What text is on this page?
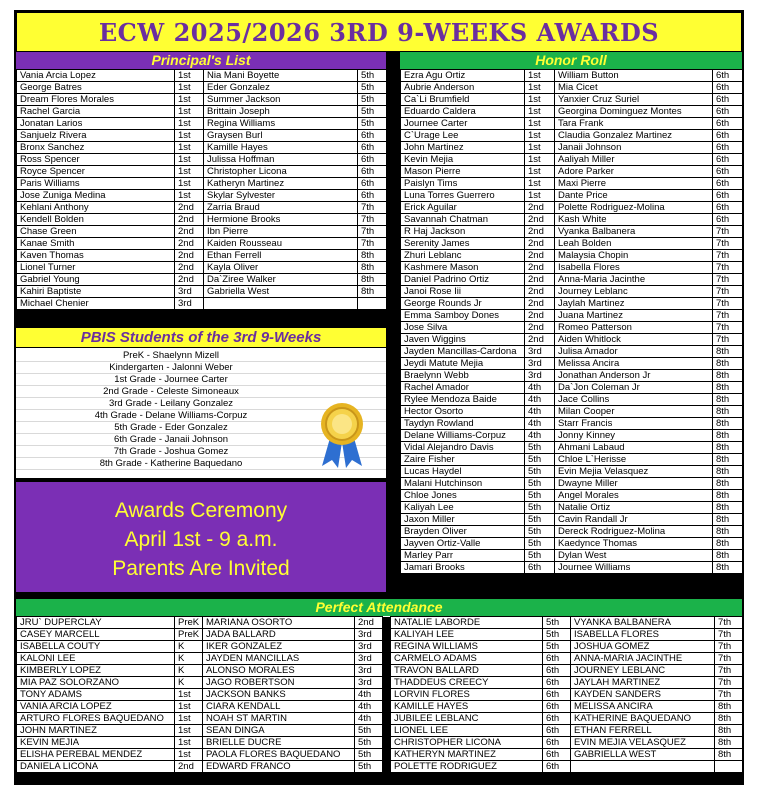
ECW 2025/2026 3RD 9-WEEKS AWARDS
Principal's List
Vania Arcia Lopez	1st	Nia Mani Boyette	5th
George Batres	1st	Eder Gonzalez	5th
Dream Flores Morales	1st	Summer Jackson	5th
Rachel Garcia	1st	Brittain Joseph	5th
Jonatan Larios	1st	Regina Williams	5th
Sanjuelz Rivera	1st	Graysen Burl	6th
Bronx Sanchez	1st	Kamille Hayes	6th
Ross Spencer	1st	Julissa Hoffman	6th
Royce Spencer	1st	Christopher Licona	6th
Paris Williams	1st	Katheryn Martinez	6th
Jose Zuniga Medina	1st	Skylar Sylvester	6th
Kehlani Anthony	2nd	Zarria Braud	7th
Kendell Bolden	2nd	Hermione Brooks	7th
Chase Green	2nd	Ibn Pierre	7th
Kanae Smith	2nd	Kaiden Rousseau	7th
Kaven Thomas	2nd	Ethan Ferrell	8th
Lionel Turner	2nd	Kayla Oliver	8th
Gabriel Young	2nd	Da`Ziree Walker	8th
Kahiri Baptiste	3rd	Gabriella West	8th
Michael Chenier	3rd		
PBIS Students of the 3rd 9-Weeks
PreK - Shaelynn Mizell
Kindergarten - Jalonni Weber
1st Grade - Journee Carter
2nd Grade - Celeste Simoneaux
3rd Grade - Leilany Gonzalez
4th Grade - Delane Williams-Corpuz
5th Grade - Eder Gonzalez
6th Grade - Janaii Johnson
7th Grade - Joshua Gomez
8th Grade - Katherine Baquedano
Awards Ceremony
April 1st - 9 a.m.
Parents Are Invited
Honor Roll
Ezra Agu Ortiz	1st	William Button	6th
Aubrie Anderson	1st	Mia Cicet	6th
Ca`Li Brumfield	1st	Yanxier Cruz Suriel	6th
Eduardo Caldera	1st	Georgina Dominguez Montes	6th
Journee Carter	1st	Tara Frank	6th
C`Urage Lee	1st	Claudia Gonzalez Martinez	6th
John Martinez	1st	Janaii Johnson	6th
Kevin Mejia	1st	Aaliyah Miller	6th
Mason Pierre	1st	Adore Parker	6th
Paislyn Tims	1st	Maxi Pierre	6th
Luna Torres Guerrero	1st	Dante Price	6th
Erick Aguilar	2nd	Polette Rodriguez-Molina	6th
Savannah Chatman	2nd	Kash White	6th
R Haj Jackson	2nd	Vyanka Balbanera	7th
Serenity James	2nd	Leah Bolden	7th
Zhuri Leblanc	2nd	Malaysia Chopin	7th
Kashmere Mason	2nd	Isabella Flores	7th
Daniel Padrino Ortiz	2nd	Anna-Maria Jacinthe	7th
Janoi Rose Iii	2nd	Journey Leblanc	7th
George Rounds Jr	2nd	Jaylah Martinez	7th
Emma Samboy Dones	2nd	Juana Martinez	7th
Jose Silva	2nd	Romeo Patterson	7th
Javen Wiggins	2nd	Aiden Whitlock	7th
Jayden Mancillas-Cardona	3rd	Julisa Amador	8th
Jeydi Matute Mejia	3rd	Melissa Ancira	8th
Braelynn Webb	3rd	Jonathan Anderson Jr	8th
Rachel Amador	4th	Da`Jon Coleman Jr	8th
Rylee Mendoza Baide	4th	Jace Collins	8th
Hector Osorto	4th	Milan Cooper	8th
Taydyn Rowland	4th	Starr Francis	8th
Delane Williams-Corpuz	4th	Jonny Kinney	8th
Vidal Alejandro Davis	5th	Ahmani Labaud	8th
Zaire Fisher	5th	Chloe L`Herisse	8th
Lucas Haydel	5th	Evin Mejia Velasquez	8th
Malani Hutchinson	5th	Dwayne Miller	8th
Chloe Jones	5th	Angel Morales	8th
Kaliyah Lee	5th	Natalie Ortiz	8th
Jaxon Miller	5th	Cavin Randall Jr	8th
Brayden Oliver	5th	Dereck Rodriguez-Molina	8th
Jayven Ortiz-Valle	5th	Kaedynce Thomas	8th
Marley Parr	5th	Dylan West	8th
Jamari Brooks	6th	Journee Williams	8th
Perfect Attendance
JRU` DUPERCLAY	PreK	MARIANA OSORTO	2nd		NATALIE LABORDE	5th	VYANKA BALBANERA	7th
CASEY MARCELL	PreK	JADA BALLARD	3rd		KALIYAH LEE	5th	ISABELLA FLORES	7th
ISABELLA COUTY	K	IKER GONZALEZ	3rd		REGINA WILLIAMS	5th	JOSHUA GOMEZ	7th
KALONI LEE	K	JAYDEN MANCILLAS	3rd		CARMELO ADAMS	6th	ANNA-MARIA JACINTHE	7th
KIMBERLY LOPEZ	K	ALONSO MORALES	3rd		TRAVON BALLARD	6th	JOURNEY LEBLANC	7th
MIA PAZ SOLORZANO	K	JAGO ROBERTSON	3rd		THADDEUS CREECY	6th	JAYLAH MARTINEZ	7th
TONY ADAMS	1st	JACKSON BANKS	4th		LORVIN FLORES	6th	KAYDEN SANDERS	7th
VANIA ARCIA LOPEZ	1st	CIARA KENDALL	4th		KAMILLE HAYES	6th	MELISSA ANCIRA	8th
ARTURO FLORES BAQUEDANO	1st	NOAH ST MARTIN	4th		JUBILEE LEBLANC	6th	KATHERINE BAQUEDANO	8th
JOHN MARTINEZ	1st	SEAN DINGA	5th		LIONEL LEE	6th	ETHAN FERRELL	8th
KEVIN MEJIA	1st	BRIELLE DUCRE	5th		CHRISTOPHER LICONA	6th	EVIN MEJIA VELASQUEZ	8th
ELISHA PEREBAL MENDEZ	1st	PAOLA FLORES BAQUEDANO	5th		KATHERYN MARTINEZ	6th	GABRIELLA WEST	8th
DANIELA LICONA	2nd	EDWARD FRANCO	5th		POLETTE RODRIGUEZ	6th		
